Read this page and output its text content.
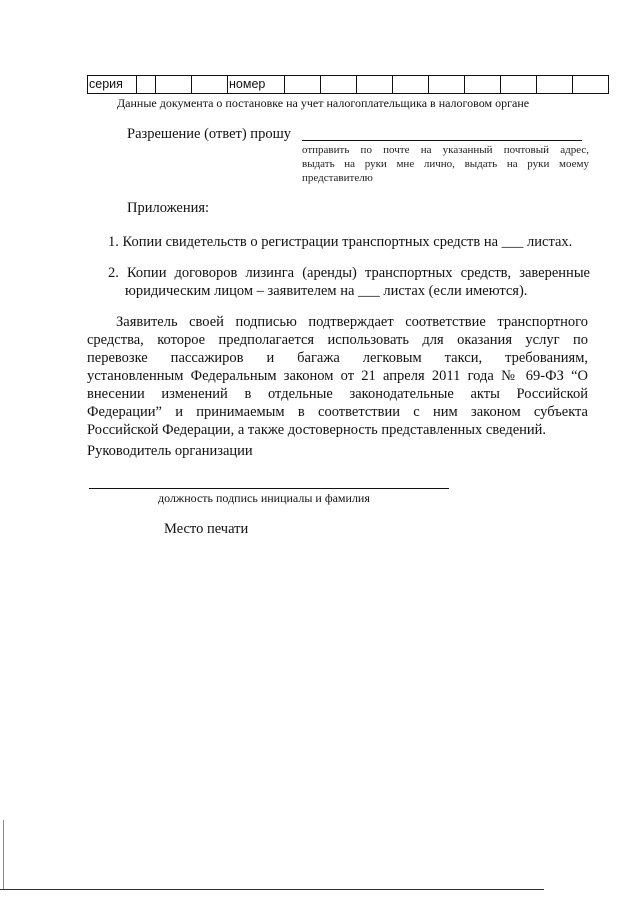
серия				номер									
Данные документа о постановке на учет налогоплательщика в налоговом органе
Разрешение (ответ) прошу
отправить по почте на указанный почтовый адрес,
выдать на руки мне лично, выдать на руки моему
представителю
Приложения:
1. Копии свидетельств о регистрации транспортных средств на ___ листах.
2. Копии договоров лизинга (аренды) транспортных средств, заверенные
юридическим лицом – заявителем на ___ листах (если имеются).
Заявитель своей подписью подтверждает соответствие транспортного
средства, которое предполагается использовать для оказания услуг по
перевозке пассажиров и багажа легковым такси, требованиям,
установленным Федеральным законом от 21 апреля 2011 года № 69-ФЗ “О
внесении изменений в отдельные законодательные акты Российской
Федерации” и принимаемым в соответствии с ним законом субъекта
Российской Федерации, а также достоверность представленных сведений.
Руководитель организации
должность подпись инициалы и фамилия
Место печати
